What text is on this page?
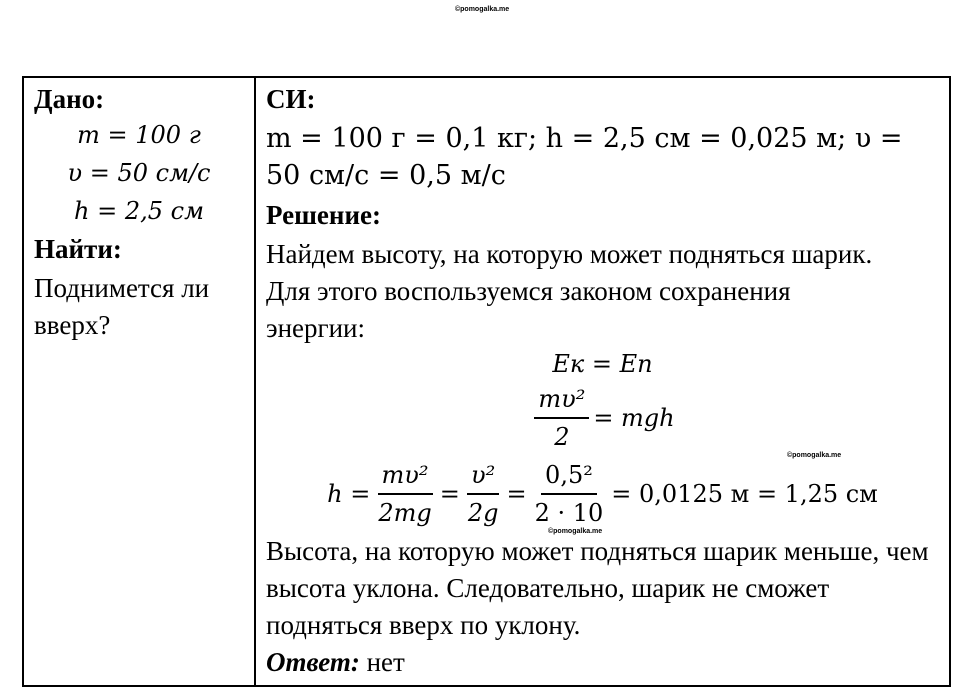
©pomogalka.me
©pomogalka.me
©pomogalka.me
Дано:
m = 100 г
υ = 50 см/с
h = 2,5 см
Найти:
Поднимется ли вверх?

СИ:
m = 100 г = 0,1 кг; h = 2,5 см = 0,025 м; υ =
50 см/с = 0,5 м/с
Решение:
Найдем высоту, на которую может подняться шарик. Для этого воспользуемся законом сохранения энергии:
Eк = Eп
$\frac{\text{mυ²}}{2}$ = mgh
$h = \frac{\text{mυ²}}{2mg} = \frac{\text{υ²}}{2g} = \frac{\text{0,5²}}{2 \cdot 10} = 0,0125$ м = 1,25 см
Высота, на которую может подняться шарик меньше, чем высота уклона. Следовательно, шарик не сможет подняться вверх по уклону.
Ответ: нет
